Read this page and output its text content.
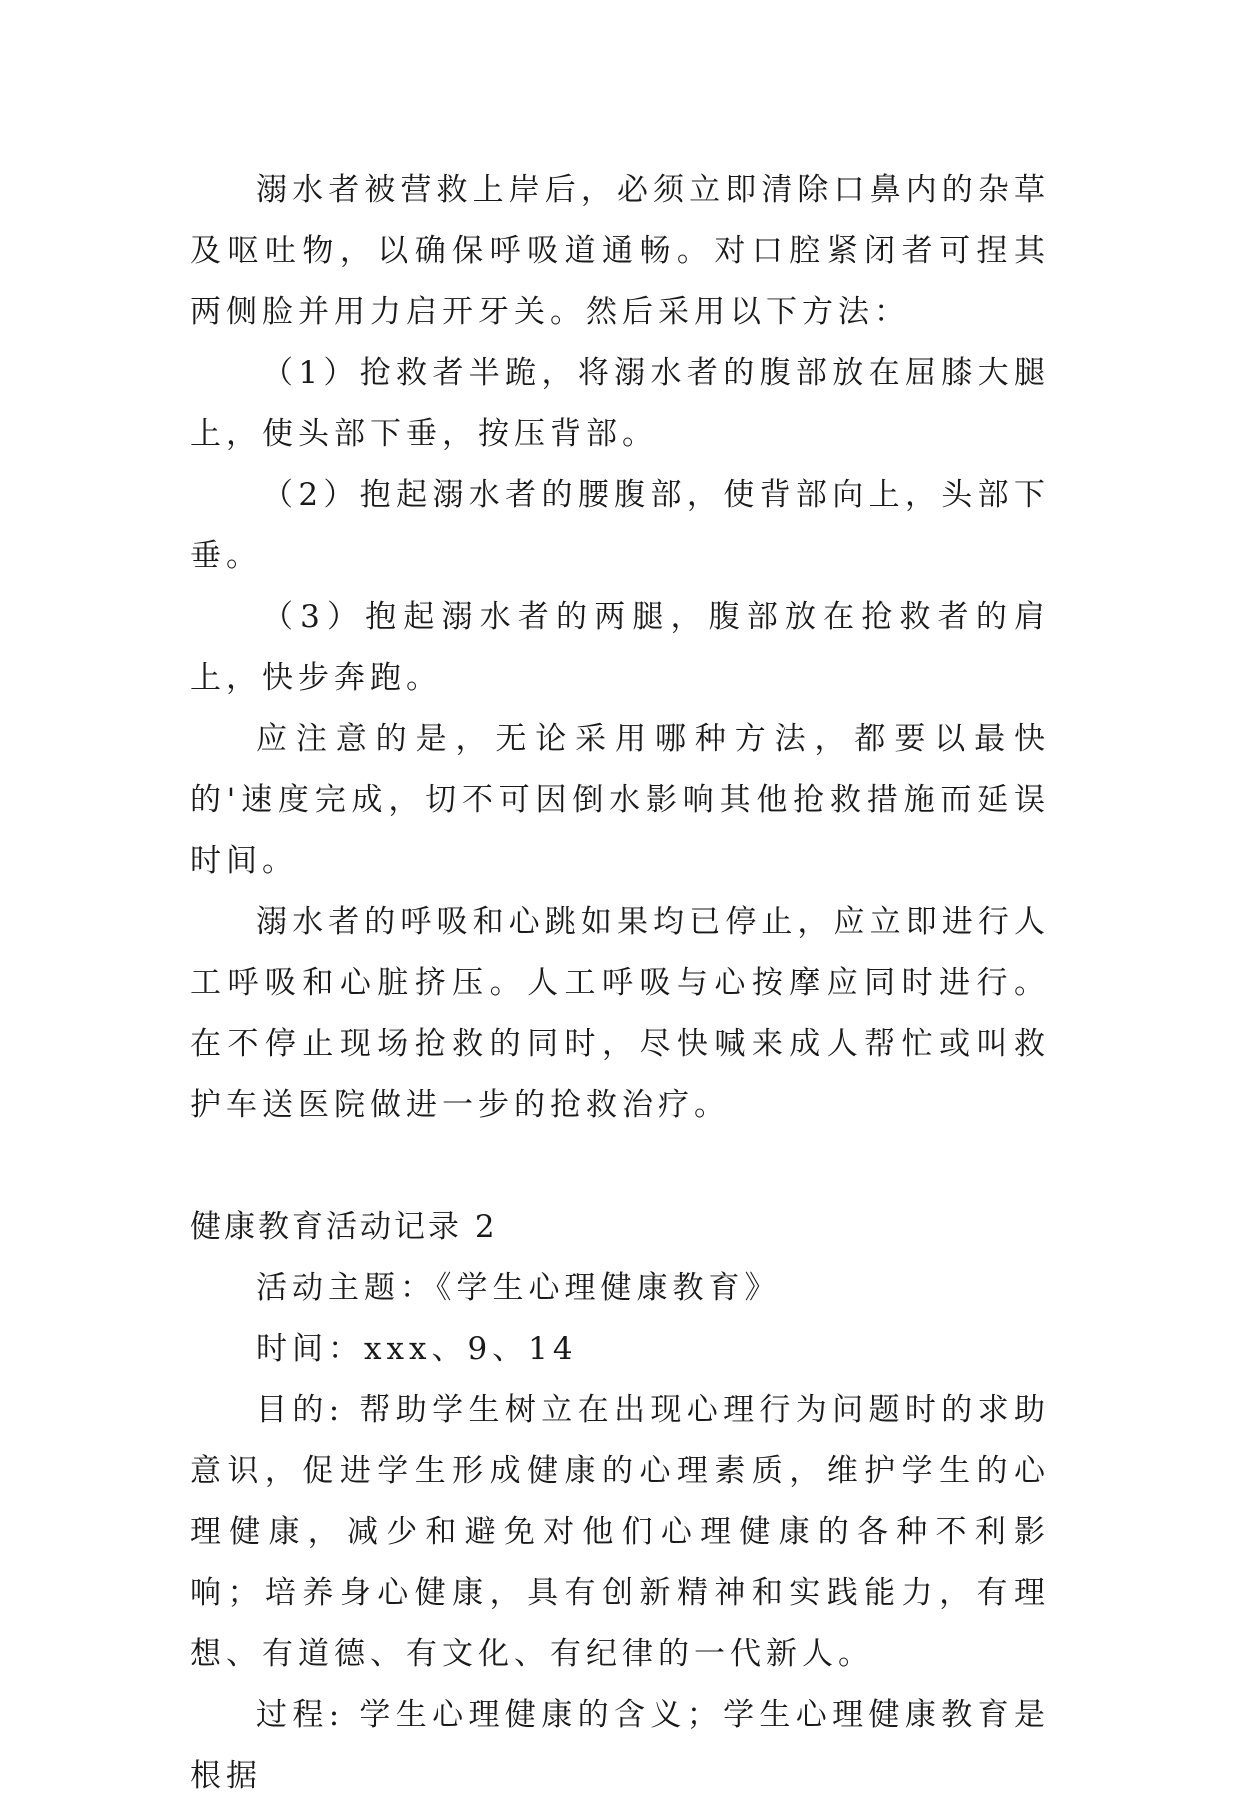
溺水者被营救上岸后，必须立即清除口鼻内的杂草及呕吐物，以确保呼吸道通畅。对口腔紧闭者可捏其两侧脸并用力启开牙关。然后采用以下方法：

（1）抢救者半跪，将溺水者的腹部放在屈膝大腿上，使头部下垂，按压背部。

（2）抱起溺水者的腰腹部，使背部向上，头部下垂。

（3）抱起溺水者的两腿，腹部放在抢救者的肩上，快步奔跑。

应注意的是，无论采用哪种方法，都要以最快的'速度完成，切不可因倒水影响其他抢救措施而延误时间。

溺水者的呼吸和心跳如果均已停止，应立即进行人工呼吸和心脏挤压。人工呼吸与心按摩应同时进行。在不停止现场抢救的同时，尽快喊来成人帮忙或叫救护车送医院做进一步的抢救治疗。

健康教育活动记录 2

活动主题：《学生心理健康教育》

时间：xxx、9、14

目的: 帮助学生树立在出现心理行为问题时的求助意识，促进学生形成健康的心理素质，维护学生的心理健康，减少和避免对他们心理健康的各种不利影响；培养身心健康，具有创新精神和实践能力，有理想、有道德、有文化、有纪律的一代新人。

过程: 学生心理健康的含义；学生心理健康教育是根据
